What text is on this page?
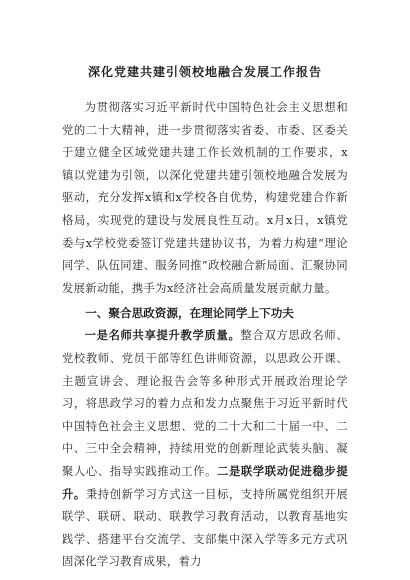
深化党建共建引领校地融合发展工作报告

为贯彻落实习近平新时代中国特色社会主义思想和党的二十大精神，进一步贯彻落实省委、市委、区委关于建立健全区域党建共建工作长效机制的工作要求，x镇以党建为引领，以深化党建共建引领校地融合发展为驱动，充分发挥x镇和x学校各自优势，构建党建合作新格局，实现党的建设与发展良性互动。x月x日，x镇党委与x学校党委签订党建共建协议书，为着力构建“理论同学、队伍同建、服务同推”政校融合新局面、汇聚协同发展新动能，携手为x经济社会高质量发展贡献力量。

一、聚合思政资源，在理论同学上下功夫

一是名师共享提升教学质量。整合双方思政名师、党校教师、党员干部等红色讲师资源，以思政公开课、主题宣讲会、理论报告会等多种形式开展政治理论学习，将思政学习的着力点和发力点聚焦于习近平新时代中国特色社会主义思想、党的二十大和二十届一中、二中、三中全会精神，持续用党的创新理论武装头脑、凝聚人心、指导实践推动工作。二是联学联动促进稳步提升。秉持创新学习方式这一目标，支持所属党组织开展联学、联研、联动、联教学习教育活动，以教育基地实践学、搭建平台交流学、支部集中深入学等多元方式巩固深化学习教育成果，着力
